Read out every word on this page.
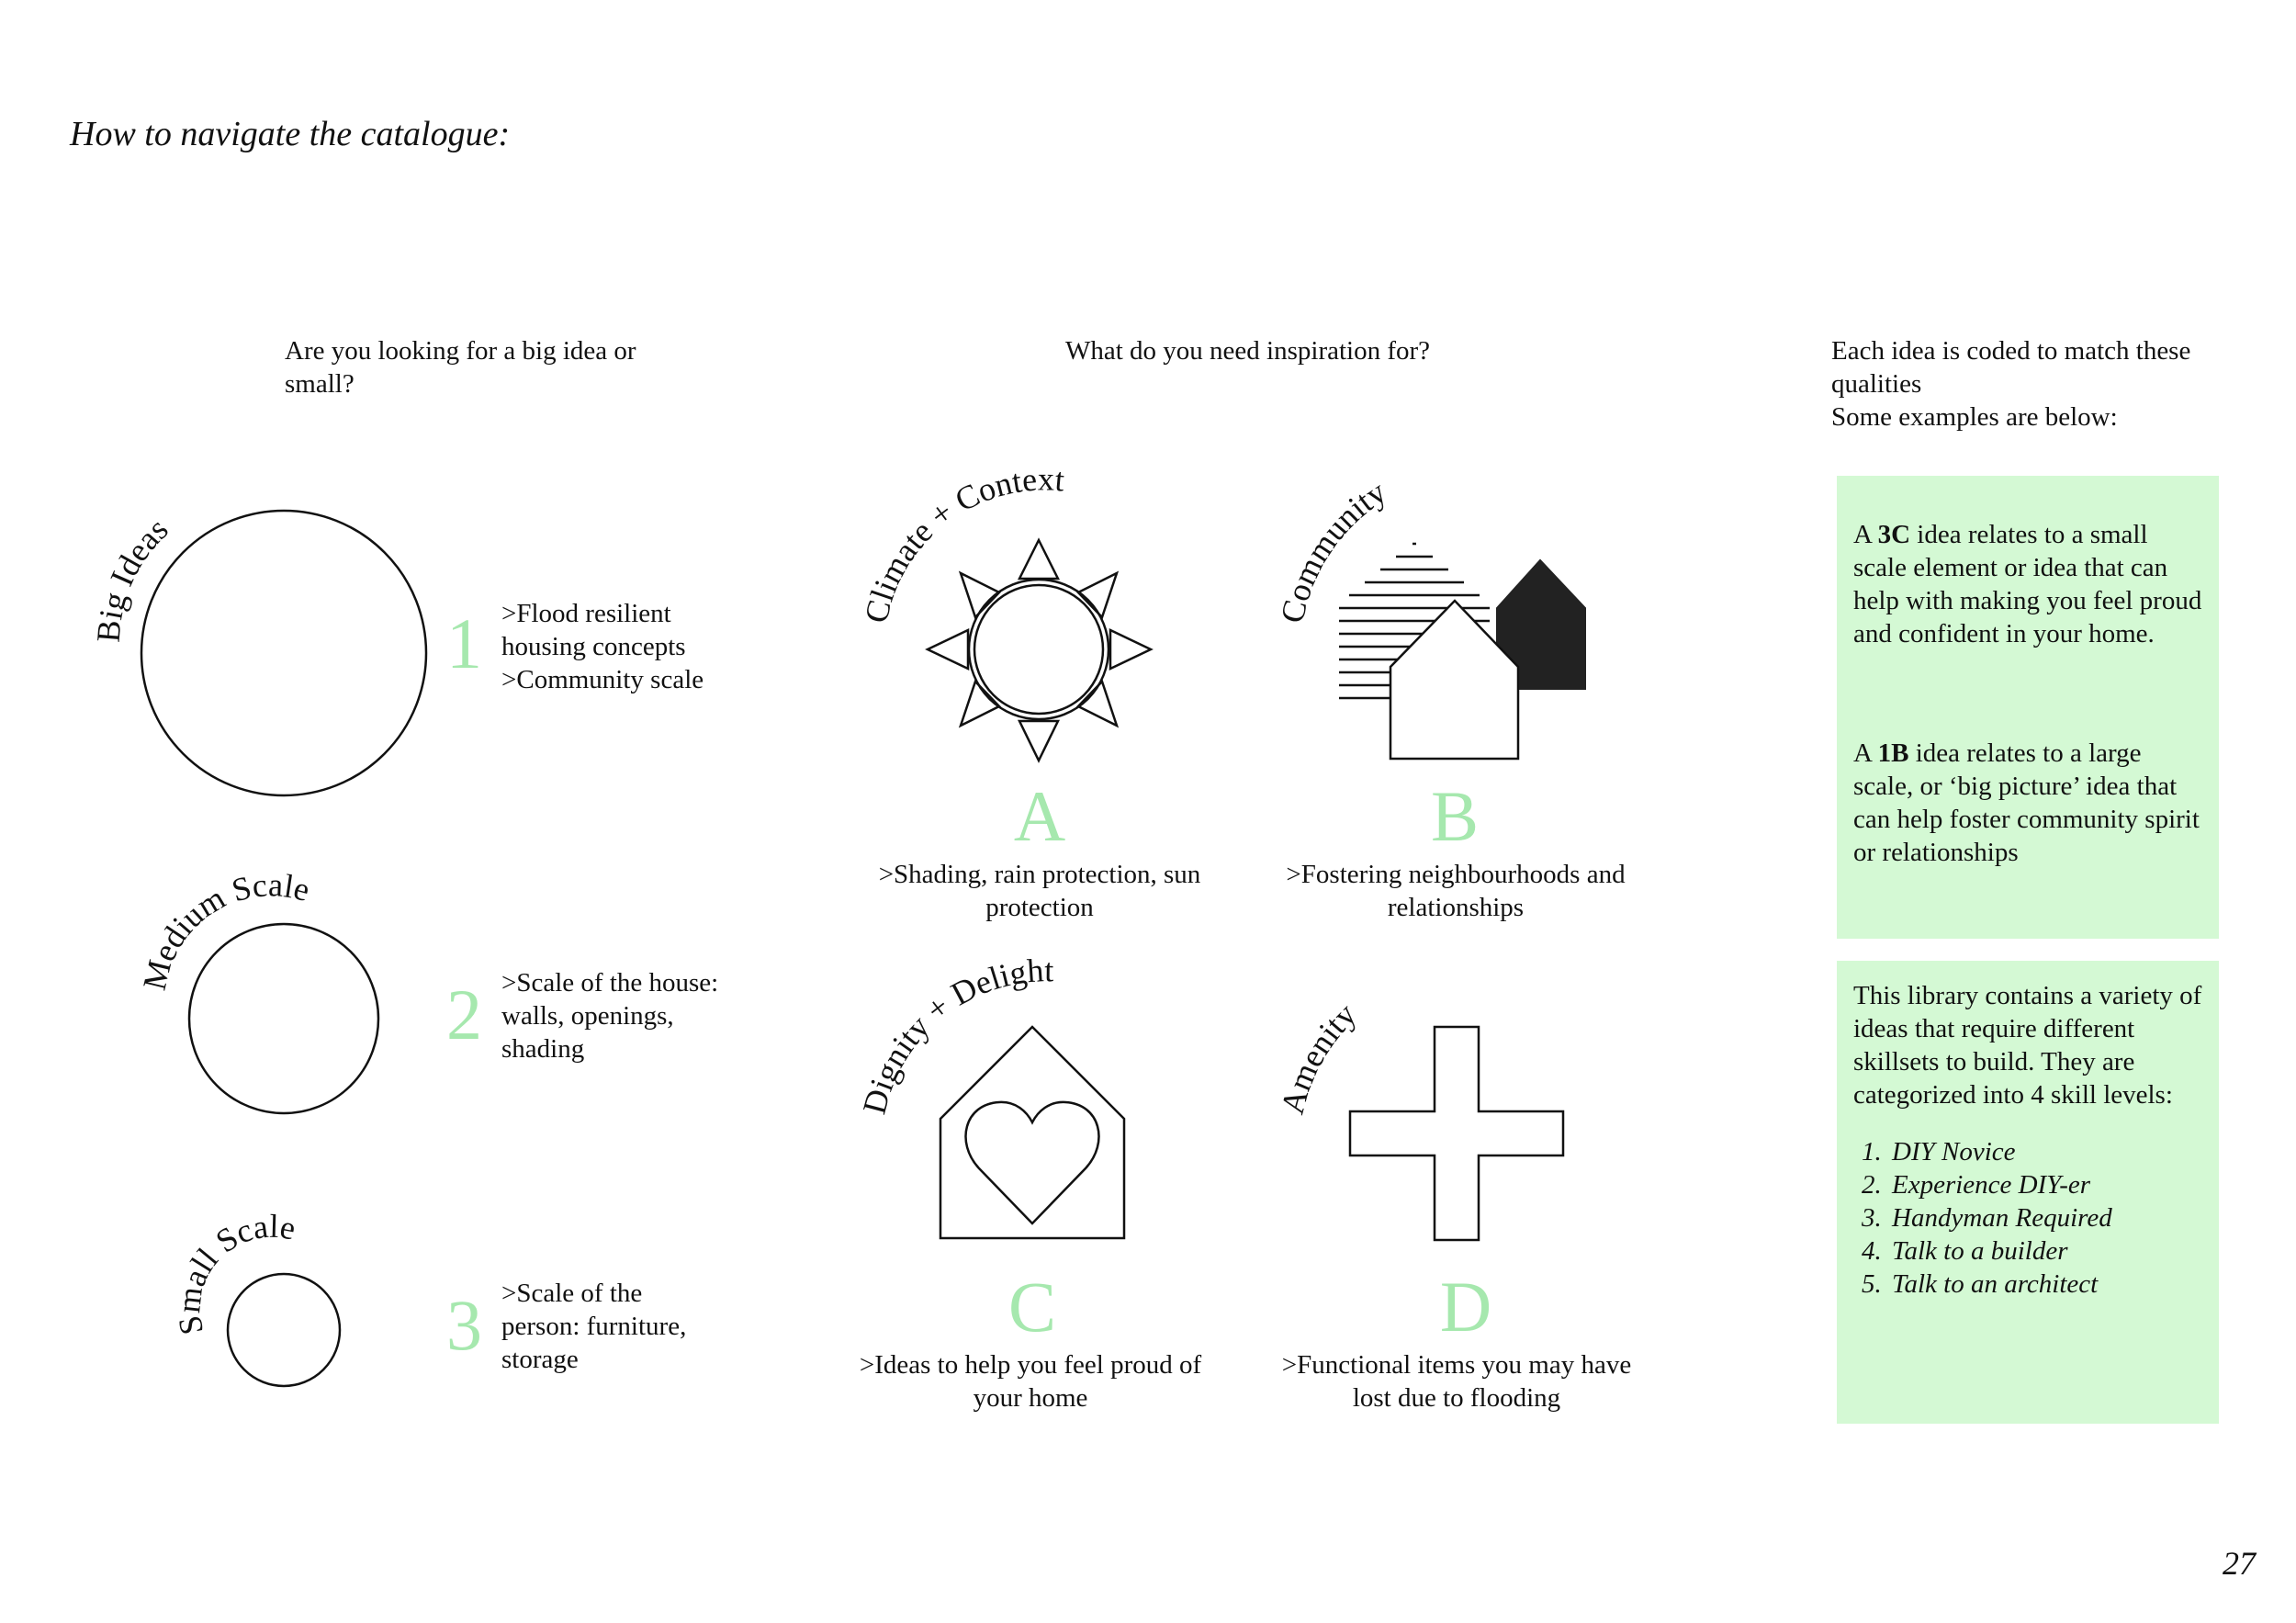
How to navigate the catalogue:
Are you looking for a big idea or small?
1 >Flood resilient housing concepts >Community scale
2 >Scale of the house: walls, openings, shading
3 >Scale of the person: furniture, storage
What do you need inspiration for?
A
>Shading, rain protection, sun protection
B
>Fostering neighbourhoods and relationships
C
>Ideas to help you feel proud of your home
D
>Functional items you may have lost due to flooding
Each idea is coded to match these qualities
Some examples are below:
A 3C idea relates to a small scale element or idea that can help with making you feel proud and confident in your home.
A 1B idea relates to a large scale, or ‘big picture’ idea that can help foster community spirit or relationships
This library contains a variety of ideas that require different skillsets to build. They are categorized into 4 skill levels:
1. DIY Novice
2. Experience DIY-er
3. Handyman Required
4. Talk to a builder
5. Talk to an architect
27
Big Ideas
Medium Scale
Small Scale
Climate + Context
Community
Dignity + Delight
Amenity
